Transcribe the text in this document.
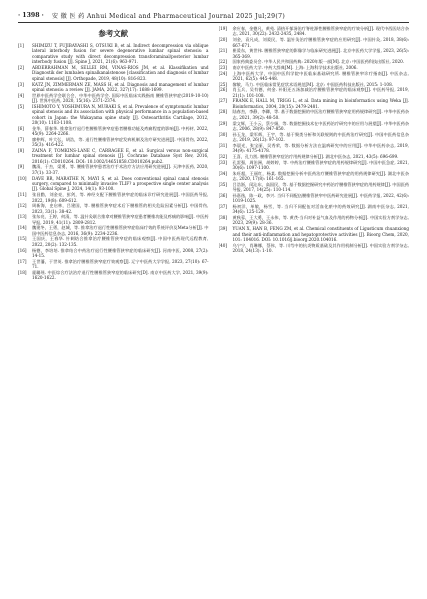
· 1398 · 安 徽 医 药 Anhui Medical and Pharmaceutical Journal 2025 Jul;29(7)
参考文献
[1]	SHIMIZU T, FUJIBAYASHI S, OTSUKI B, et al. Indirect decompression via oblique lateral interbody fusion for severe degenerative lumbar spinal stenosis: a comparative study with direct decompression transforaminal/posterior lumbar interbody fusion [J]. Spine J, 2021, 21(6): 963-971.
[2]	ABDERRAHMAN M, SELLEI RM, VINAS-RIOS JM, et al. Klassifikation und Diagnostik der lumbalen spinalkanalstenose [classification and diagnosis of lumbar spinal stenosis] [J]. Orthopade, 2019, 48(10): 816-823.
[3]	KATZ JN, ZIMMERMAN ZE, MASS H, et al. Diagnosis and management of lumbar spinal stenosis: a review [J]. JAMA, 2022, 327(17): 1688-1699.
[4]	世界中医药学会联合会，中华中医药学会. 国际中医临床实践指南 腰椎管狭窄症(2019-10-10)[J]. 世界中医药, 2020, 15(16): 2371-2374.
[5]	ISHIMOTO Y, YOSHIMURA N, MURAKI S, et al. Prevalence of symptomatic lumbar spinal stenosis and its association with physical performance in a population-based cohort in Japan: the Wakayama spine study [J]. Osteoarthritis Cartilage, 2012, 20(10): 1103-1108.
[6]	金华，薛春华. 推拿治疗退行性腰椎管狭窄症患者腰椎功能及疼痛程度的影响[J]. 中药材, 2022, 45(9): 2264-2266.
[7]	廖仲辉，叶大弘，胡浩，等. 退行性腰椎管狭窄症发病机制及治疗研究进展[J]. 中国骨伤, 2022, 35(3): 416-422.
[8]	ZAINA F, TOMKINS-LANE C, CARRAGEE E, et al. Surgical versus non-surgical treatment for lumbar spinal stenosis [J]. Cochrane Database Syst Rev, 2016, 2016(1): CD010264. DOI: 10.1002/14651858.CD010264.pub2.
[9]	魏清，于杰，梁勇，等. 腰椎管狭窄患者治疗手术治疗方法应用研究进展[J]. 天津中医药, 2020, 37(1): 33-37.
[10]	DAVE BR, MARATHE N, MAYI S, et al. Does conventional spinal canal stenosis surgery, compared to minimally invasive TLIF? a prospective single center analysis [J]. Global Spine J, 2024, 14(1): 93-100.
[11]	张昌勤，刘金亮，彭剑，等. 神经支配下腰椎管狭窄症的临床诊疗研究进展[J]. 中国医药导报, 2022, 19(8): 609-612.
[12]	周新海，史启林，吕建国，等. 腰椎管狭窄症术后下腰椎管的相关危险因素分析[J]. 中国骨伤, 2023, 33(1): 38-42.
[13]	张东亮，王婷，何清，等. 温针灸联合推拿对腰椎管狭窄症患者腰椎功能及疼痛的影响[J]. 中医药导报, 2019, 41(11): 2809-2812.
[14]	魏建冬，王勇，赵城，等. 推拿治疗退行性腰椎管狭窄症临床疗效的系统评价及Meta分析[J]. 中国中医药信息杂志, 2016, 36(9): 2234-2236.
[15]	王国庆，王春华. 针刺结合推拿治疗腰椎管狭窄症的临床观察[J]. 中国中医药现代远程教育, 2022, 20(2): 132-135.
[16]	杨德，李培培. 推拿结合中药治疗退行性腰椎管狭窄症的临床研究[J]. 河南中医, 2008, 27(2): 14-15.
[17]	王世藩，于世英. 推拿治疗腰椎管狭窄症疗效观察[J]. 辽宁中医药大学学报, 2023, 27(10): 67-71.
[18]	霍璐瑶. 中医综合疗法治疗退行性腰椎管狭窄症的临床研究[D]. 南京中医药大学, 2021, 39(9): 1620-1622.
[19]	余应春，金德凡，黄苑. 清热开郁汤治疗脊柱源性腰椎管狭窄症的疗效分析[J]. 现代中西医结合杂志, 2021, 30(22): 2432-2435, 2484.
[20]	刘金，袁凡成，刘爱民，等. 温针灸治疗腰椎管狭窄症的应用研究[J]. 中国针灸, 2018, 38(6): 667-671.
[21]	崔爱东，黄世伟. 腰椎管狭窄症的影像学与临床研究进展[J]. 北京中医药大学学报, 2023, 26(5): 365-369.
[22]	国家药典委员会. 中华人民共和国药典: 2020年版一部[M]. 北京: 中国医药科技出版社, 2020.
[23]	南京中医药大学. 中药大辞典[M]. 上海: 上海科学技术出版社, 2006.
[24]	上海中医药大学，中国中医科学院中医临床基础研究所. 腰椎管狭窄诊疗指南[J]. 中医杂志, 2021, 62(5): 445-448.
[25]	黎敏，马力. 中医临床常见症状术语规范[M]. 北京: 中国医药科技出版社, 2015: 1-108.
[26]	肖玉兵，吴有德，何金. 补阳还五汤加减治疗腰椎管狭窄症的临床观察[J]. 中医药导报, 2019, 21(1): 101-108.
[27]	FRANK E, HALL M, TRIGG L, et al. Data mining in bioinformatics using Weka [J]. Bioinformatics, 2004, 20(15): 2479-2481.
[28]	陆春杰，李静，李卿，等. 基于数据挖掘的中医治疗腰椎管狭窄症用药规律研究[J]. 中华中医药杂志, 2021, 39(2): 48-50.
[29]	梁文辉，王小云，蔡少娟，等. 数据挖掘技术在中医药治疗研究中的应用与展望[J]. 中华中医药杂志, 2006, 28(9): 847-850.
[30]	孙玉龙，梁军辉，王宇，等. 基于聚类分析和关联规则的中医药治疗研究[J]. 中国中医药信息杂志, 2019, 26(12): 97-102.
[31]	李晨光，张宝丽，吴秀荣，等. 数据分析方法在温病研究中的应用[J]. 中华中医药杂志, 2019, 34(9): 4175-4178.
[32]	王喜，孔力凯. 腰椎管狭窄症治疗用药规律分析[J]. 湖北中医杂志, 2021, 43(5): 696-699.
[33]	孔雷强，周治洲，胡婷婷，等. 中药治疗腰椎管狭窄症的用药规律研究[J]. 中国中医急症, 2021, 30(6): 1097-1100.
[34]	朱旺超，王丽红，杨某. 数据挖掘分析中医药治疗腰椎管狭窄症的用药规律研究[J]. 湖北中医杂志, 2020, 17(8): 161-165.
[35]	吕浩浙，闵沁东，高国民，等. 基于数据挖掘研究中药治疗腰椎管狭窄症的用药规律[J]. 中国医药导报, 2017, 14(25): 110-114.
[36]	孙嘉逸，陈一政，李兴. 当归不同配伍腰椎管狭窄中医药研究进展[J]. 中医药学报, 2022, 42(6): 1019-1025.
[37]	杨初洋，单敏，杨雪，等. 当归不同配伍对活血化瘀中的药效研究[J]. 湖南中医杂志, 2021, 34(6): 125-129.
[38]	黄秋蓉，王大勇，王永伟，等. 黄芪-当归对补益气血及作用的药物分析[J]. 中国实验方剂学杂志, 2023, 29(9): 28-36.
[39]	YUAN X, HAN B, FENG ZM, et al. Chemical constituents of Ligusticum chuanxiong and their anti-inflammation and hepatoprotective activities [J]. Bioorg Chem, 2020, 101: 104016. DOI: 10.1016/j.bioorg.2020.104016.
[40]	乌宁宁，肖琳娜，蔡伟，等. 川芎中的抗炎物质基础及其作用机制分析[J]. 中国实验方剂学杂志, 2018, 24(13): 1-10.
